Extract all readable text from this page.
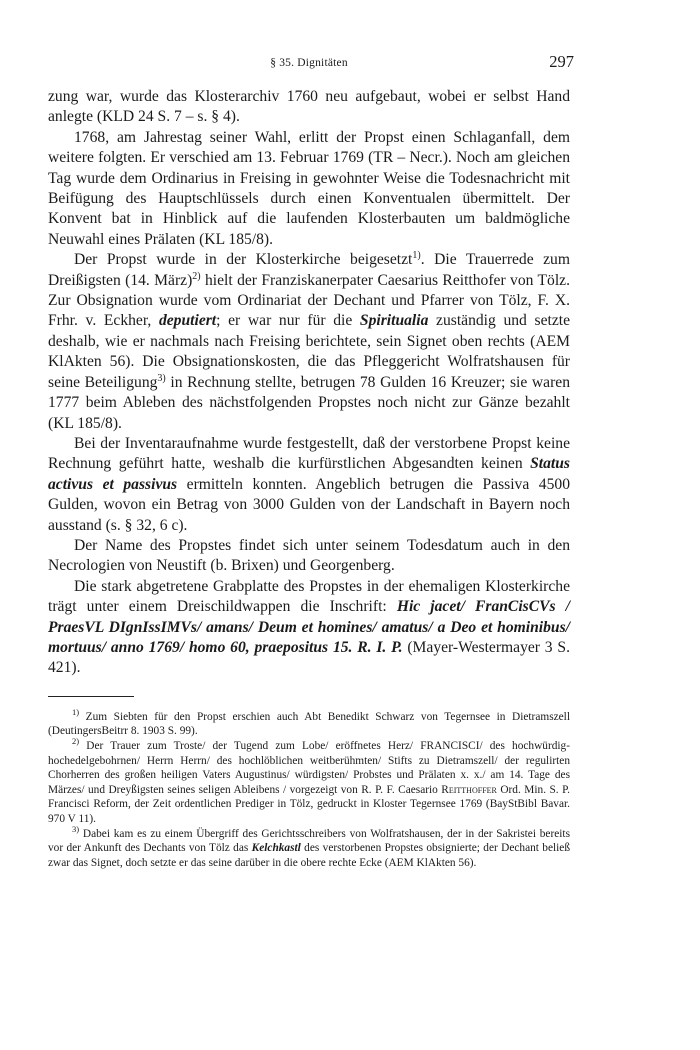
§ 35. Dignitäten	297

zung war, wurde das Klosterarchiv 1760 neu aufgebaut, wobei er selbst Hand anlegte (KLD 24 S. 7 – s. § 4).

1768, am Jahrestag seiner Wahl, erlitt der Propst einen Schlaganfall, dem weitere folgten. Er verschied am 13. Februar 1769 (TR – Necr.). Noch am gleichen Tag wurde dem Ordinarius in Freising in gewohnter Weise die Todesnachricht mit Beifügung des Hauptschlüssels durch einen Konventualen übermittelt. Der Konvent bat in Hinblick auf die laufenden Klosterbauten um baldmögliche Neuwahl eines Prälaten (KL 185/8).

Der Propst wurde in der Klosterkirche beigesetzt$^{1)}$. Die Trauerrede zum Dreißigsten (14. März)$^{2)}$ hielt der Franziskanerpater Caesarius Reitthofer von Tölz. Zur Obsignation wurde vom Ordinariat der Dechant und Pfarrer von Tölz, F. X. Frhr. v. Eckher, deputiert; er war nur für die Spiritualia zuständig und setzte deshalb, wie er nachmals nach Freising berichtete, sein Signet oben rechts (AEM KlAkten 56). Die Obsignationskosten, die das Pfleggericht Wolfratshausen für seine Beteiligung$^{3)}$ in Rechnung stellte, betrugen 78 Gulden 16 Kreuzer; sie waren 1777 beim Ableben des nächstfolgenden Propstes noch nicht zur Gänze bezahlt (KL 185/8).

Bei der Inventaraufnahme wurde festgestellt, daß der verstorbene Propst keine Rechnung geführt hatte, weshalb die kurfürstlichen Abgesandten keinen Status activus et passivus ermitteln konnten. Angeblich betrugen die Passiva 4500 Gulden, wovon ein Betrag von 3000 Gulden von der Landschaft in Bayern noch ausstand (s. § 32, 6 c).

Der Name des Propstes findet sich unter seinem Todesdatum auch in den Necrologien von Neustift (b. Brixen) und Georgenberg.

Die stark abgetretene Grabplatte des Propstes in der ehemaligen Klosterkirche trägt unter einem Dreischildwappen die Inschrift: Hic jacet/ FranCisCVs / PraesVL DIgnIssIMVs/ amans/ Deum et homines/ amatus/ a Deo et hominibus/ mortuus/ anno 1769/ homo 60, praepositus 15. R. I. P. (Mayer-Westermayer 3 S. 421).

$^{1)}$ Zum Siebten für den Propst erschien auch Abt Benedikt Schwarz von Tegernsee in Dietramszell (DeutingersBeitrr 8. 1903 S. 99).

$^{2)}$ Der Trauer zum Troste/ der Tugend zum Lobe/ eröffnetes Herz/ FRANCISCI/ des hochwürdig-hochedelgebohrnen/ Herrn Herrn/ des hochlöblichen weitberühmten/ Stifts zu Dietramszell/ der regulirten Chorherren des großen heiligen Vaters Augustinus/ würdigsten/ Probstes und Prälaten x. x./ am 14. Tage des Märzes/ und Dreyßigsten seines seligen Ableibens / vorgezeigt von R. P. F. Caesario Reitthoffer Ord. Min. S. P. Francisci Reform, der Zeit ordentlichen Prediger in Tölz, gedruckt in Kloster Tegernsee 1769 (BayStBibl Bavar. 970 V 11).

$^{3)}$ Dabei kam es zu einem Übergriff des Gerichtsschreibers von Wolfratshausen, der in der Sakristei bereits vor der Ankunft des Dechants von Tölz das Kelchkastl des verstorbenen Propstes obsignierte; der Dechant beließ zwar das Signet, doch setzte er das seine darüber in die obere rechte Ecke (AEM KlAkten 56).
